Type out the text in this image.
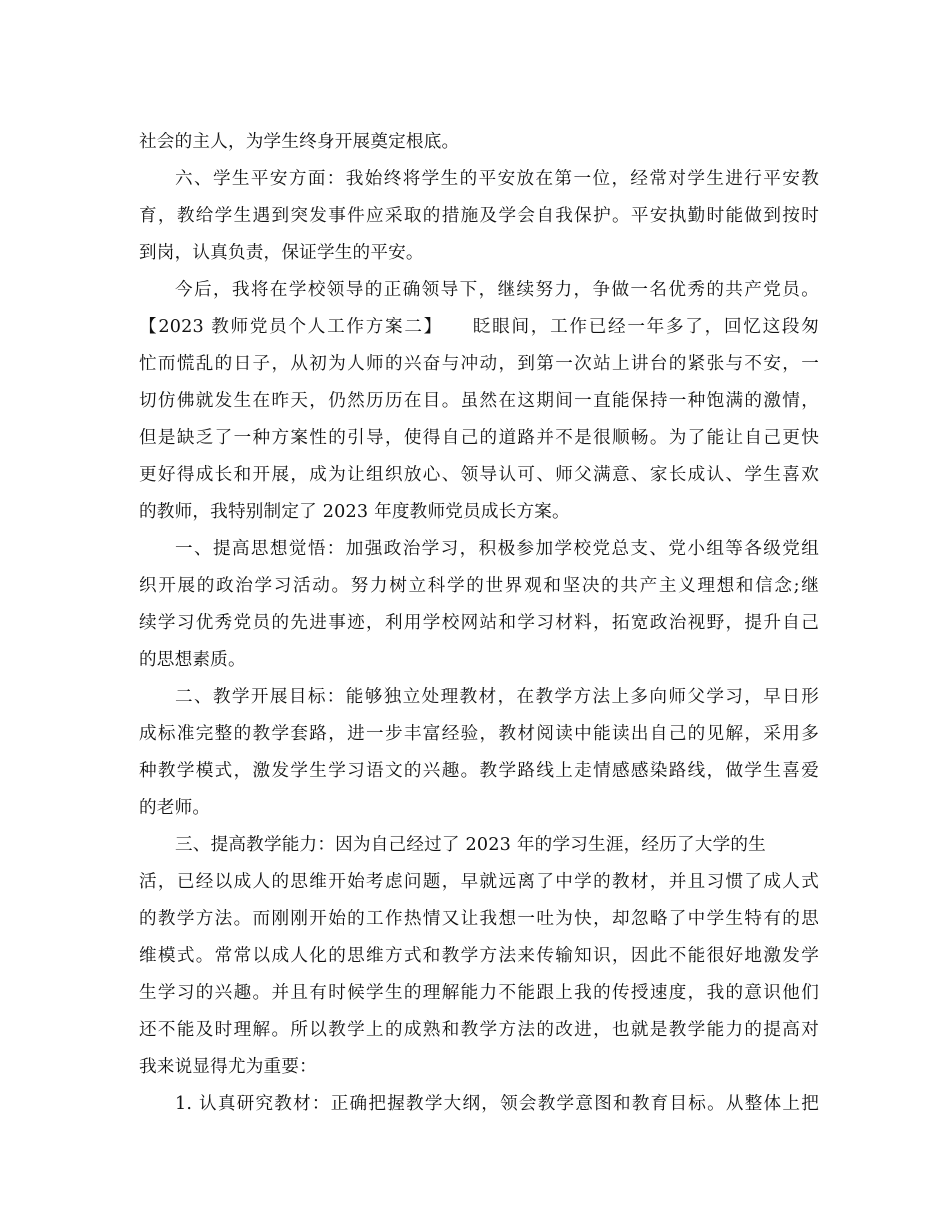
社会的主人，为学生终身开展奠定根底。
六、学生平安方面：我始终将学生的平安放在第一位，经常对学生进行平安教
育，教给学生遇到突发事件应采取的措施及学会自我保护。平安执勤时能做到按时
到岗，认真负责，保证学生的平安。
今后，我将在学校领导的正确领导下，继续努力，争做一名优秀的共产党员。
【2023 教师党员个人工作方案二】　　眨眼间，工作已经一年多了，回忆这段匆
忙而慌乱的日子，从初为人师的兴奋与冲动，到第一次站上讲台的紧张与不安，一
切仿佛就发生在昨天，仍然历历在目。虽然在这期间一直能保持一种饱满的激情，
但是缺乏了一种方案性的引导，使得自己的道路并不是很顺畅。为了能让自己更快
更好得成长和开展，成为让组织放心、领导认可、师父满意、家长成认、学生喜欢
的教师，我特别制定了 2023 年度教师党员成长方案。
一、提高思想觉悟：加强政治学习，积极参加学校党总支、党小组等各级党组
织开展的政治学习活动。努力树立科学的世界观和坚决的共产主义理想和信念;继
续学习优秀党员的先进事迹，利用学校网站和学习材料，拓宽政治视野，提升自己
的思想素质。
二、教学开展目标：能够独立处理教材，在教学方法上多向师父学习，早日形
成标准完整的教学套路，进一步丰富经验，教材阅读中能读出自己的见解，采用多
种教学模式，激发学生学习语文的兴趣。教学路线上走情感感染路线，做学生喜爱
的老师。
三、提高教学能力：因为自己经过了 2023 年的学习生涯，经历了大学的生
活，已经以成人的思维开始考虑问题，早就远离了中学的教材，并且习惯了成人式
的教学方法。而刚刚开始的工作热情又让我想一吐为快，却忽略了中学生特有的思
维模式。常常以成人化的思维方式和教学方法来传输知识，因此不能很好地激发学
生学习的兴趣。并且有时候学生的理解能力不能跟上我的传授速度，我的意识他们
还不能及时理解。所以教学上的成熟和教学方法的改进，也就是教学能力的提高对
我来说显得尤为重要：
1. 认真研究教材：正确把握教学大纲，领会教学意图和教育目标。从整体上把
